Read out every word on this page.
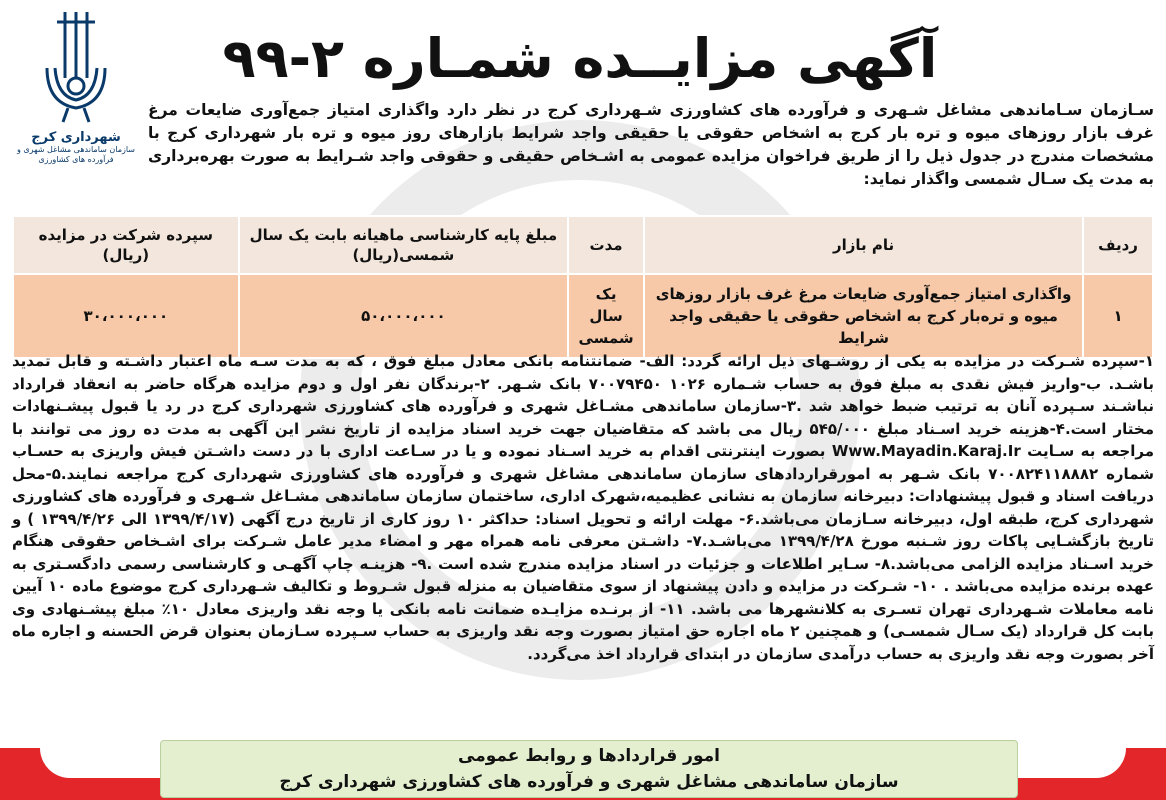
شهرداری کرج
سازمان ساماندهی مشاغل شهری و فرآورده های کشاورزی
آگهی مزایــده شمـاره ۲-۹۹
سـازمان سـاماندهی مشاغل شـهری و فرآورده های کشاورزی شـهرداری کرج در نظر دارد واگذاری امتیاز جمع‌آوری ضایعات مرغ غرف بازار روزهای میوه و تره بار کرج به اشخاص حقوقی یا حقیقی واجد شرایط بازارهای روز میوه و تره بار شهرداری کرج با مشخصات مندرج در جدول ذیل را از طریق فراخوان مزایده عمومی به اشـخاص حقیقی و حقوقی واجد شـرایط به صورت بهره‌برداری به مدت یک سـال شمسی واگذار نماید:
ردیف	نام بازار	مدت	مبلغ پایه کارشناسی ماهیانه بابت یک سال شمسی(ریال)	سپرده شرکت در مزایده (ریال)
۱	واگذاری امتیاز جمع‌آوری ضایعات مرغ غرف بازار روزهای میوه و تره‌بار کرج به اشخاص حقوقی یا حقیقی واجد شرایط	یک سال شمسی	۵۰،۰۰۰،۰۰۰	۳۰،۰۰۰،۰۰۰
۱-سپرده شـرکت در مزایده به یکی از روشـهای ذیل ارائه گردد: الف- ضمانتنامه بانکی معادل مبلغ فوق ، که به مدت سـه ماه اعتبار داشـته و قابل تمدید باشـد. ب-واریز فیش نقدی به مبلغ فوق به حساب شـماره ۱۰۲۶ ۷۰۰۷۹۴۵۰ بانک شـهر. ۲-برندگان نفر اول و دوم مزایده هرگاه حاضر به انعقاد قرارداد نباشـند سـپرده آنان به ترتیب ضبط خواهد شد .۳-سازمان ساماندهی مشـاغل شهری و فرآورده های کشاورزی شهرداری کرج در رد یا قبول پیشـنهادات مختار است.۴-هزینه خرید اسـناد مبلغ ۵۴۵/۰۰۰ ریال می باشد که متقاضیان جهت خرید اسناد مزایده از تاریخ نشر این آگهی به مدت ده روز می توانند با مراجعه به سـایت Www.Mayadin.Karaj.Ir بصورت اینترنتی اقدام به خرید اسـناد نموده و یا در سـاعت اداری با در دست داشـتن فیش واریزی به حسـاب شماره ۷۰۰۸۲۴۱۱۸۸۸۲ بانک شـهر به امورقراردادهای سازمان ساماندهی مشاغل شهری و فرآورده های کشاورزی شهرداری کرج مراجعه نمایند.۵-محل دریافت اسناد و قبول پیشنهادات: دبیرخانه سازمان به نشانی عظیمیه،شهرک اداری، ساختمان سازمان ساماندهی مشـاغل شـهری و فرآورده های کشاورزی شهرداری کرج، طبقه اول، دبیرخانه سـازمان می‌باشد.۶- مهلت ارائه و تحویل اسناد: حداکثر ۱۰ روز کاری از تاریخ درج آگهی (۱۳۹۹/۴/۱۷ الی ۱۳۹۹/۴/۲۶ ) و تاریخ بازگشـایی پاکات روز شـنبه مورخ ۱۳۹۹/۴/۲۸ می‌باشـد.۷- داشـتن معرفی نامه همراه مهر و امضاء مدیر عامل شـرکت برای اشـخاص حقوقی هنگام خرید اسـناد مزایده الزامی می‌باشد.۸- سـایر اطلاعات و جزئیات در اسناد مزایده مندرج شده است .۹- هزینـه چاپ آگهـی و کارشناسی رسمی دادگسـتری به عهده برنده مزایده می‌باشد . ۱۰- شـرکت در مزایده و دادن پیشنهاد از سوی متقاضیان به منزله قبول شـروط و تکالیف شـهرداری کرج موضوع ماده ۱۰ آیین نامه معاملات شـهرداری تهران تسـری به کلانشهرها می باشد. ۱۱- از برنـده مزایـده ضمانت نامه بانکی یا وجه نقد واریزی معادل ۱۰٪ مبلغ پیشـنهادی وی بابت کل قرارداد (یک سـال شمسـی) و همچنین ۲ ماه اجاره حق امتیاز بصورت وجه نقد واریزی به حساب سـپرده سـازمان بعنوان قرض الحسنه و اجاره ماه آخر بصورت وجه نقد واریزی به حساب درآمدی سازمان در ابتدای قرارداد اخذ می‌گردد.
امور قراردادها و روابط عمومی
سازمان ساماندهی مشاغل شهری و فرآورده های کشاورزی شهرداری کرج
